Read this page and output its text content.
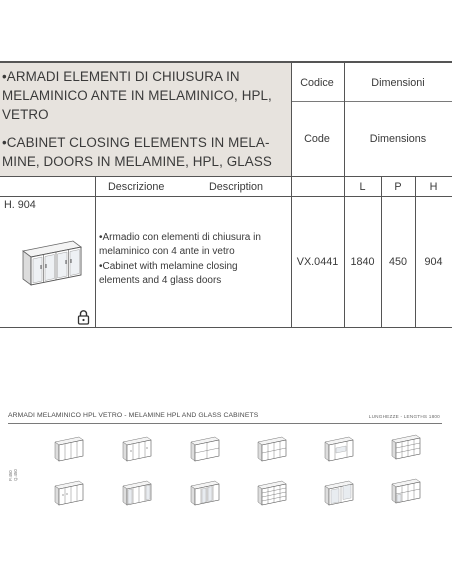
•ARMADI ELEMENTI DI CHIUSURA IN

MELAMINICO ANTE IN MELAMINICO, HPL,

VETRO

•CABINET CLOSING ELEMENTS IN MELA-

MINE, DOORS IN MELAMINE, HPL, GLASS

Codice	Dimensioni
Code	Dimensions
Descrizione	Description	L	P	H
H. 904

•Armadio con elementi di chiusura in

melaminico con 4 ante in vetro

•Cabinet with melamine closing

elements and 4 glass doors

VX.0441	1840	450	904
ARMADI MELAMINICO HPL VETRO - MELAMINE HPL AND GLASS CABINETS	LUNGHEZZE - LENGTHS 1800
P.450
Q.450
